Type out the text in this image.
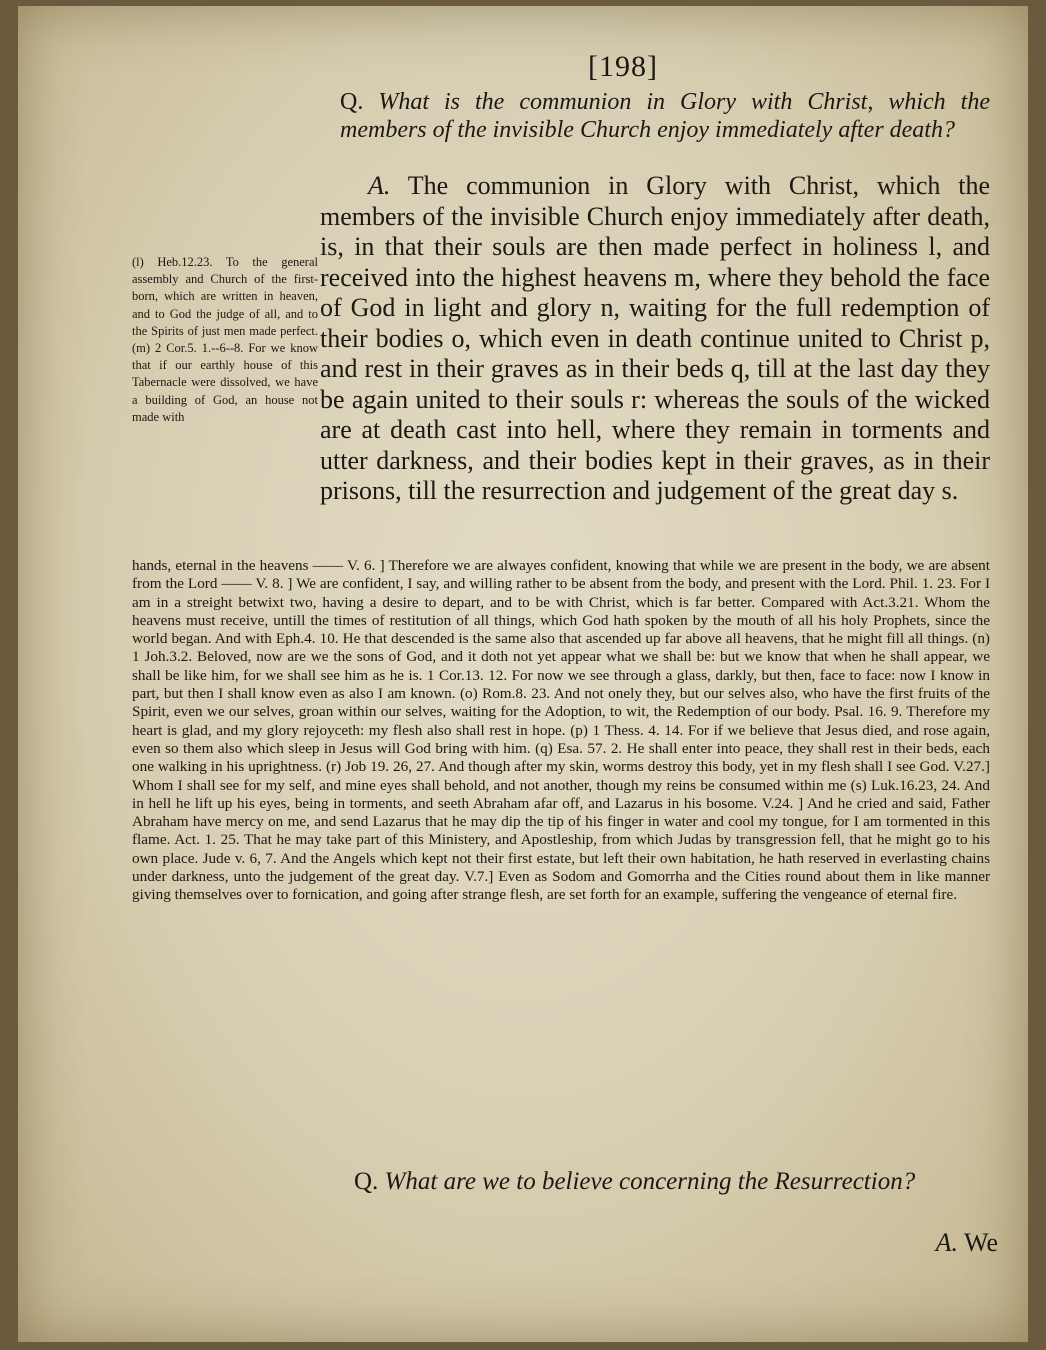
[198]
Q. What is the communion in Glory with Christ, which the members of the invisible Church enjoy immediately after death?
A. The communion in Glory with Christ, which the members of the invisible Church enjoy immediately after death, is, in that their souls are then made perfect in holiness l, and received into the highest heavens m, where they behold the face of God in light and glory n, waiting for the full redemption of their bodies o, which even in death continue united to Christ p, and rest in their graves as in their beds q, till at the last day they be again united to their souls r: whereas the souls of the wicked are at death cast into hell, where they remain in torments and utter darkness, and their bodies kept in their graves, as in their prisons, till the resurrection and judgement of the great day s.
(l) Heb.12.23. To the general assembly and Church of the first-born, which are written in heaven, and to God the judge of all, and to the Spirits of just men made perfect. (m) 2 Cor.5. 1.--6--8. For we know that if our earthly house of this Tabernacle were dissolved, we have a building of God, an house not made with
hands, eternal in the heavens —— V. 6. ] Therefore we are alwayes confident, knowing that while we are present in the body, we are absent from the Lord —— V. 8. ] We are confident, I say, and willing rather to be absent from the body, and present with the Lord. Phil. 1. 23. For I am in a streight betwixt two, having a desire to depart, and to be with Christ, which is far better. Compared with Act.3.21. Whom the heavens must receive, untill the times of restitution of all things, which God hath spoken by the mouth of all his holy Prophets, since the world began. And with Eph.4. 10. He that descended is the same also that ascended up far above all heavens, that he might fill all things. (n) 1 Joh.3.2. Beloved, now are we the sons of God, and it doth not yet appear what we shall be: but we know that when he shall appear, we shall be like him, for we shall see him as he is. 1 Cor.13. 12. For now we see through a glass, darkly, but then, face to face: now I know in part, but then I shall know even as also I am known. (o) Rom.8. 23. And not onely they, but our selves also, who have the first fruits of the Spirit, even we our selves, groan within our selves, waiting for the Adoption, to wit, the Redemption of our body. Psal. 16. 9. Therefore my heart is glad, and my glory rejoyceth: my flesh also shall rest in hope. (p) 1 Thess. 4. 14. For if we believe that Jesus died, and rose again, even so them also which sleep in Jesus will God bring with him. (q) Esa. 57. 2. He shall enter into peace, they shall rest in their beds, each one walking in his uprightness. (r) Job 19. 26, 27. And though after my skin, worms destroy this body, yet in my flesh shall I see God. V.27.] Whom I shall see for my self, and mine eyes shall behold, and not another, though my reins be consumed within me (s) Luk.16.23, 24. And in hell he lift up his eyes, being in torments, and seeth Abraham afar off, and Lazarus in his bosome. V.24. ] And he cried and said, Father Abraham have mercy on me, and send Lazarus that he may dip the tip of his finger in water and cool my tongue, for I am tormented in this flame. Act. 1. 25. That he may take part of this Ministery, and Apostleship, from which Judas by transgression fell, that he might go to his own place. Jude v. 6, 7. And the Angels which kept not their first estate, but left their own habitation, he hath reserved in everlasting chains under darkness, unto the judgement of the great day. V.7.] Even as Sodom and Gomorrha and the Cities round about them in like manner giving themselves over to fornication, and going after strange flesh, are set forth for an example, suffering the vengeance of eternal fire.
Q. What are we to believe concerning the Resurrection?
A. We
